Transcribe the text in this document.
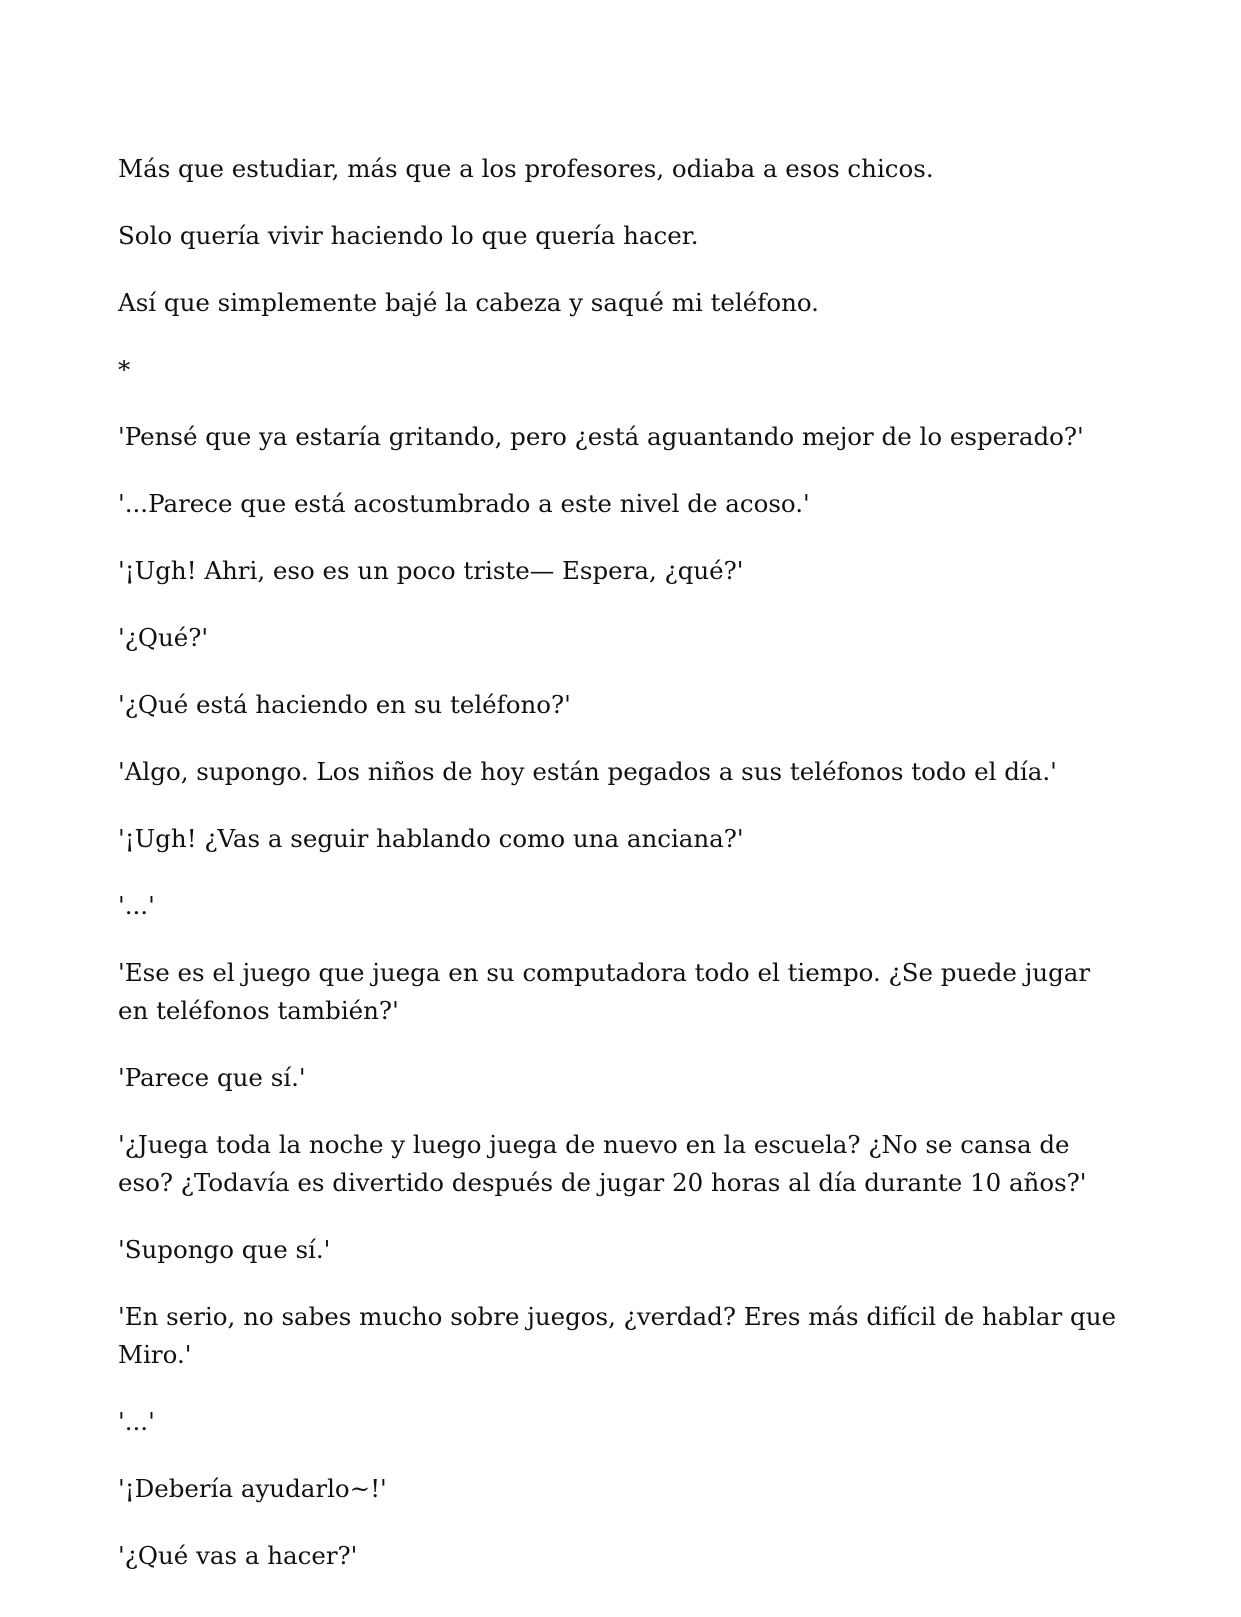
Más que estudiar, más que a los profesores, odiaba a esos chicos.

Solo quería vivir haciendo lo que quería hacer.

Así que simplemente bajé la cabeza y saqué mi teléfono.

*

'Pensé que ya estaría gritando, pero ¿está aguantando mejor de lo esperado?'

'...Parece que está acostumbrado a este nivel de acoso.'

'¡Ugh! Ahri, eso es un poco triste— Espera, ¿qué?'

'¿Qué?'

'¿Qué está haciendo en su teléfono?'

'Algo, supongo. Los niños de hoy están pegados a sus teléfonos todo el día.'

'¡Ugh! ¿Vas a seguir hablando como una anciana?'

'...'

'Ese es el juego que juega en su computadora todo el tiempo. ¿Se puede jugar en teléfonos también?'

'Parece que sí.'

'¿Juega toda la noche y luego juega de nuevo en la escuela? ¿No se cansa de eso? ¿Todavía es divertido después de jugar 20 horas al día durante 10 años?'

'Supongo que sí.'

'En serio, no sabes mucho sobre juegos, ¿verdad? Eres más difícil de hablar que Miro.'

'...'

'¡Debería ayudarlo~!'

'¿Qué vas a hacer?'
